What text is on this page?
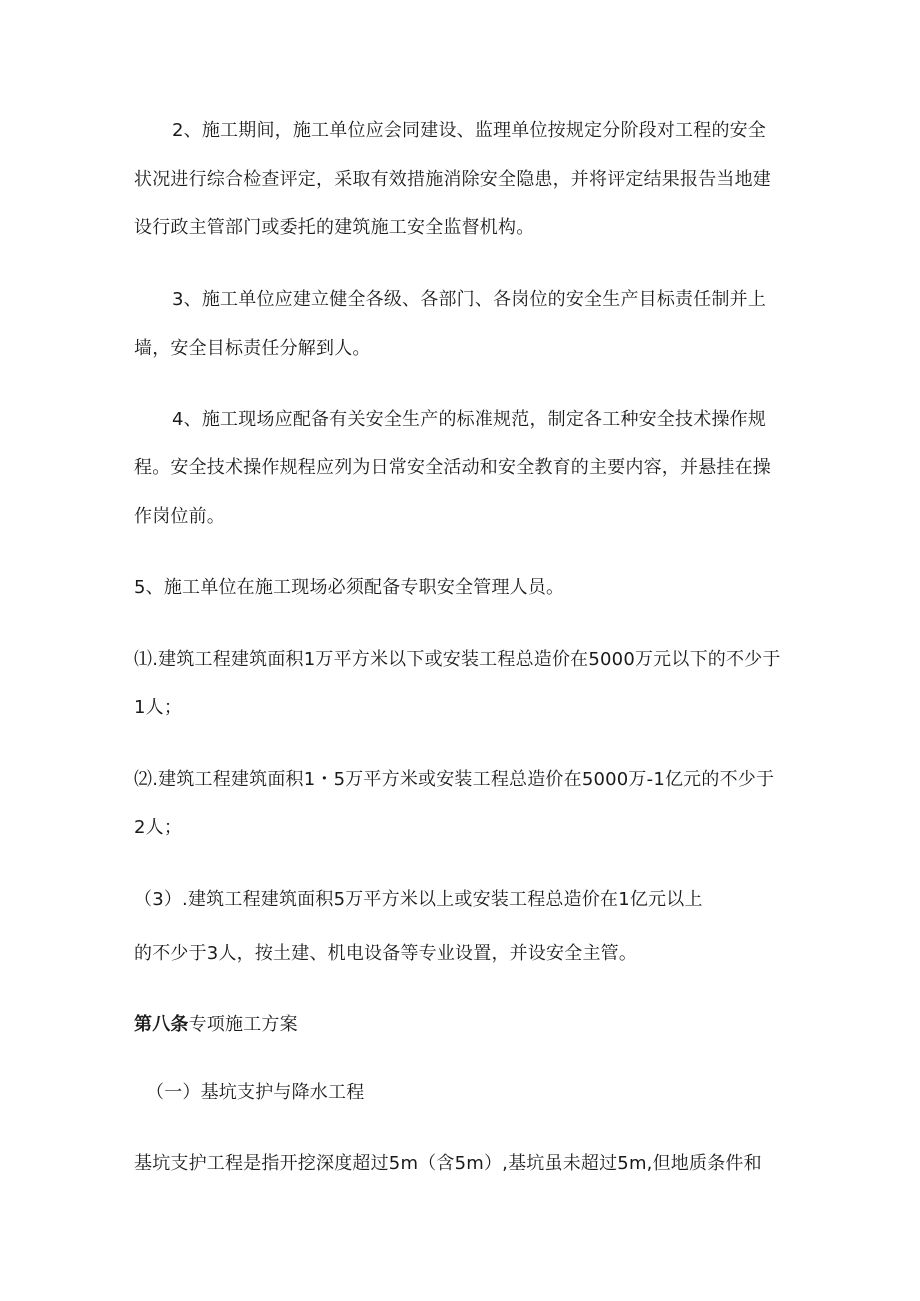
2、施工期间，施工单位应会同建设、监理单位按规定分阶段对工程的安全
状况进行综合检查评定，采取有效措施消除安全隐患，并将评定结果报告当地建
设行政主管部门或委托的建筑施工安全监督机构。
3、施工单位应建立健全各级、各部门、各岗位的安全生产目标责任制并上
墙，安全目标责任分解到人。
4、施工现场应配备有关安全生产的标准规范，制定各工种安全技术操作规
程。安全技术操作规程应列为日常安全活动和安全教育的主要内容，并悬挂在操
作岗位前。
5、施工单位在施工现场必须配备专职安全管理人员。
⑴.建筑工程建筑面积1万平方米以下或安装工程总造价在5000万元以下的不少于
1人；
⑵.建筑工程建筑面积1・5万平方米或安装工程总造价在5000万-1亿元的不少于
2人；
（3）.建筑工程建筑面积5万平方米以上或安装工程总造价在1亿元以上
的不少于3人，按土建、机电设备等专业设置，并设安全主管。
第八条专项施工方案
（一）基坑支护与降水工程
基坑支护工程是指开挖深度超过5m（含5m）,基坑虽未超过5m,但地质条件和
